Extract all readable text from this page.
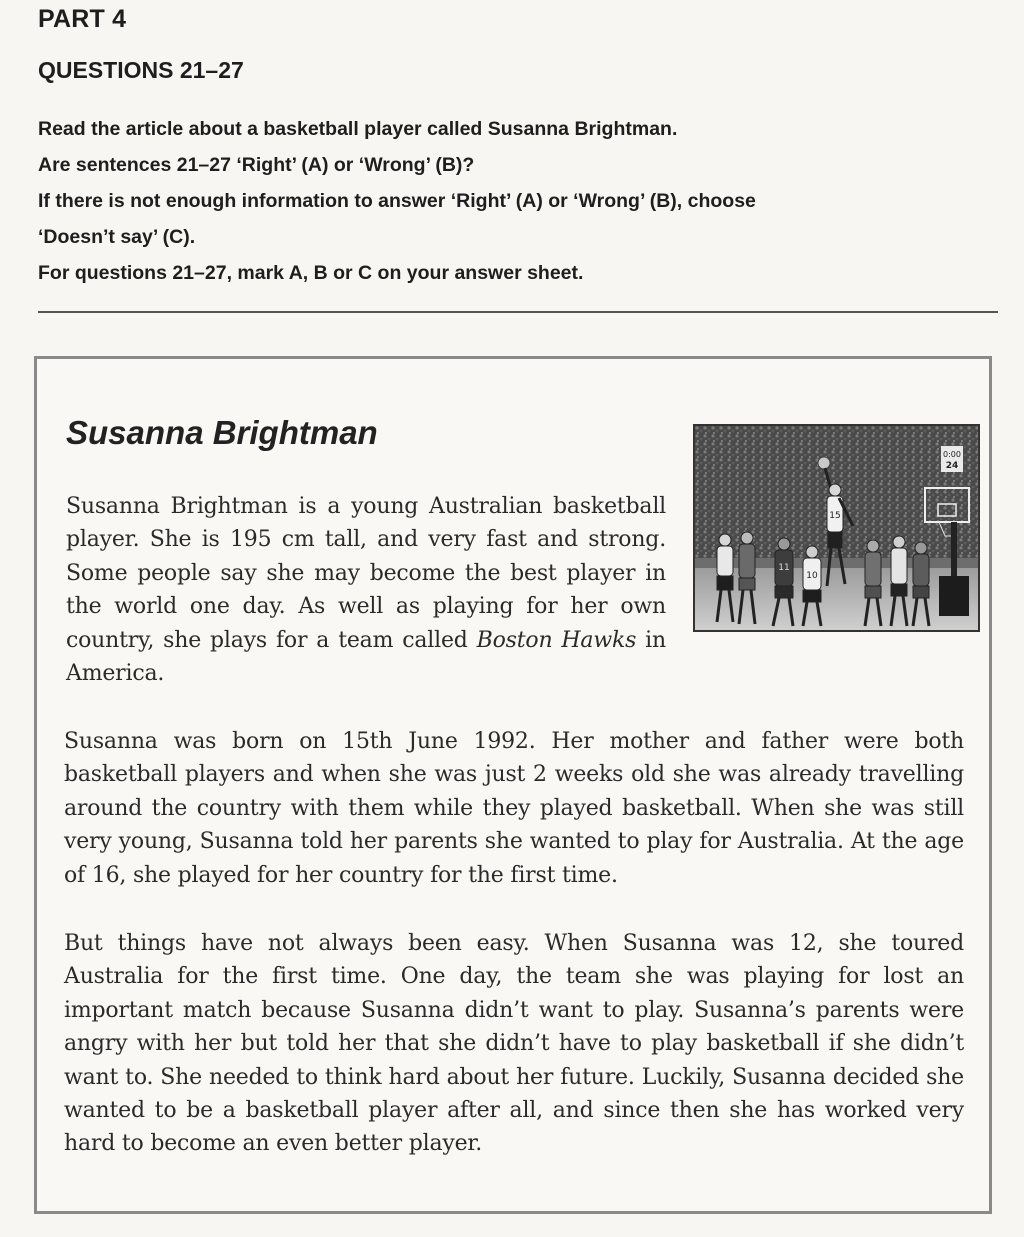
PART 4
QUESTIONS 21–27
Read the article about a basketball player called Susanna Brightman.
Are sentences 21–27 ‘Right’ (A) or ‘Wrong’ (B)?
If there is not enough information to answer ‘Right’ (A) or ‘Wrong’ (B), choose
‘Doesn’t say’ (C).
For questions 21–27, mark A, B or C on your answer sheet.
Susanna Brightman

Susanna Brightman is a young Australian basketball player. She is 195 cm tall, and very fast and strong. Some people say she may become the best player in the world one day. As well as playing for her own country, she plays for a team called Boston Hawks in America.

0:00
24
15
11
10

Susanna was born on 15th June 1992. Her mother and father were both basketball players and when she was just 2 weeks old she was already travelling around the country with them while they played basketball. When she was still very young, Susanna told her parents she wanted to play for Australia. At the age of 16, she played for her country for the first time.

But things have not always been easy. When Susanna was 12, she toured Australia for the first time. One day, the team she was playing for lost an important match because Susanna didn’t want to play. Susanna’s parents were angry with her but told her that she didn’t have to play basketball if she didn’t want to. She needed to think hard about her future. Luckily, Susanna decided she wanted to be a basketball player after all, and since then she has worked very hard to become an even better player.
